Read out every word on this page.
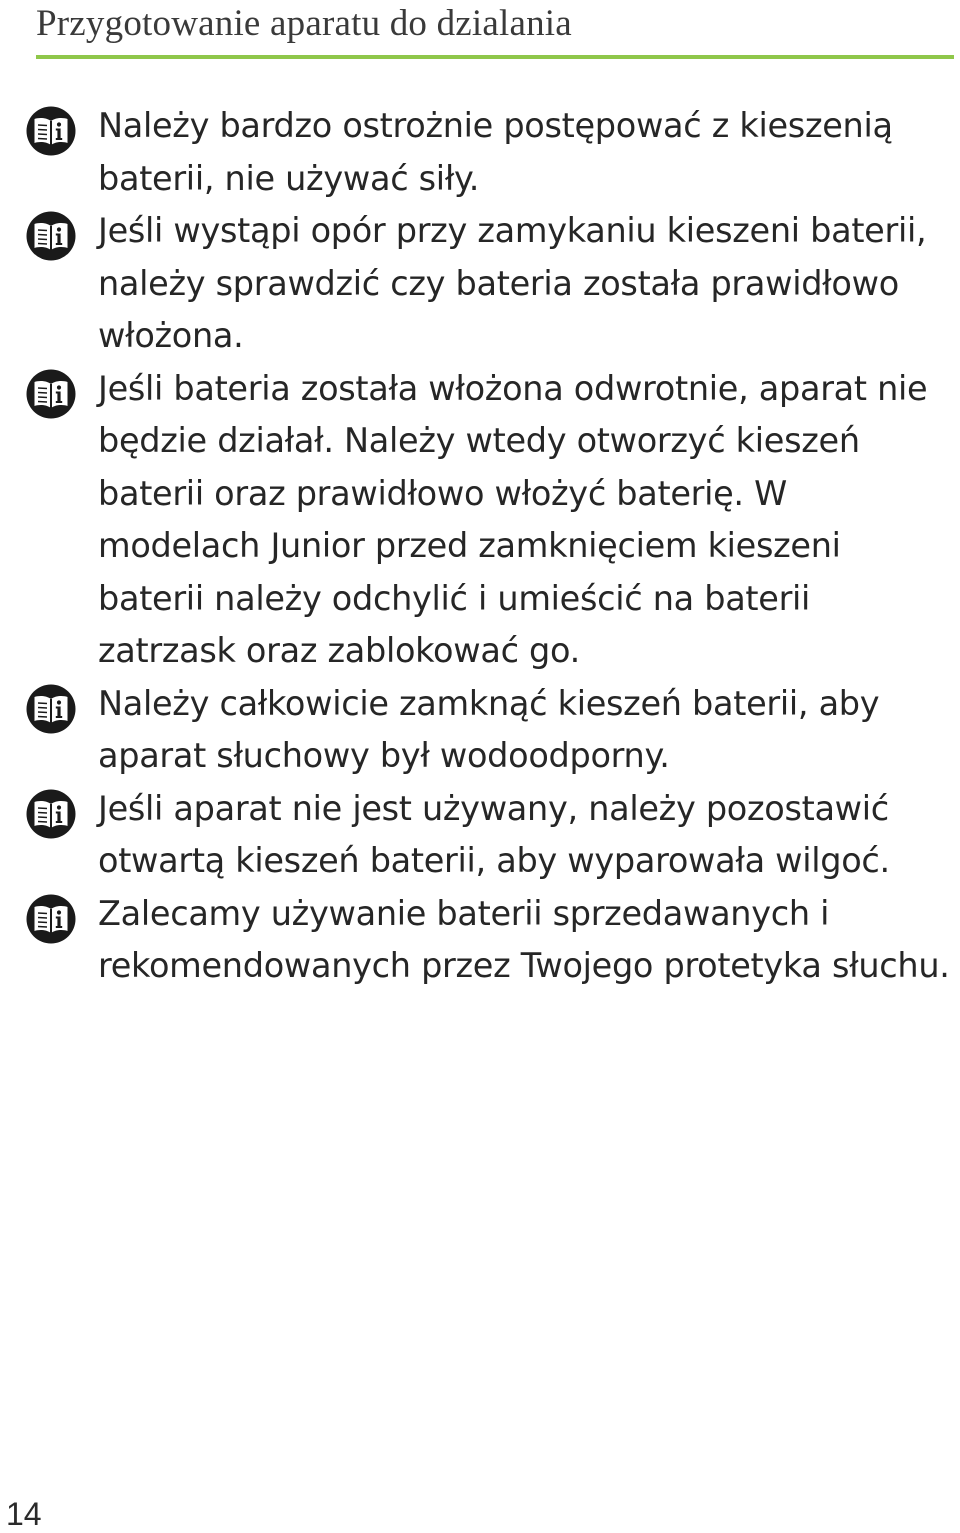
Przygotowanie aparatu do dzialania
Należy bardzo ostrożnie postępować z kieszenią baterii, nie używać siły.
Jeśli wystąpi opór przy zamykaniu kieszeni baterii, należy sprawdzić czy bateria została prawidłowo włożona.
Jeśli bateria została włożona odwrotnie, aparat nie będzie działał. Należy wtedy otworzyć kieszeń baterii oraz prawidłowo włożyć baterię. W modelach Junior przed zamknięciem kieszeni baterii należy odchylić i umieścić na baterii zatrzask oraz zablokować go.
Należy całkowicie zamknąć kieszeń baterii, aby aparat słuchowy był wodoodporny.
Jeśli aparat nie jest używany, należy pozostawić otwartą kieszeń baterii, aby wyparowała wilgoć.
Zalecamy używanie baterii sprzedawanych i rekomendowanych przez Twojego protetyka słuchu.
14
